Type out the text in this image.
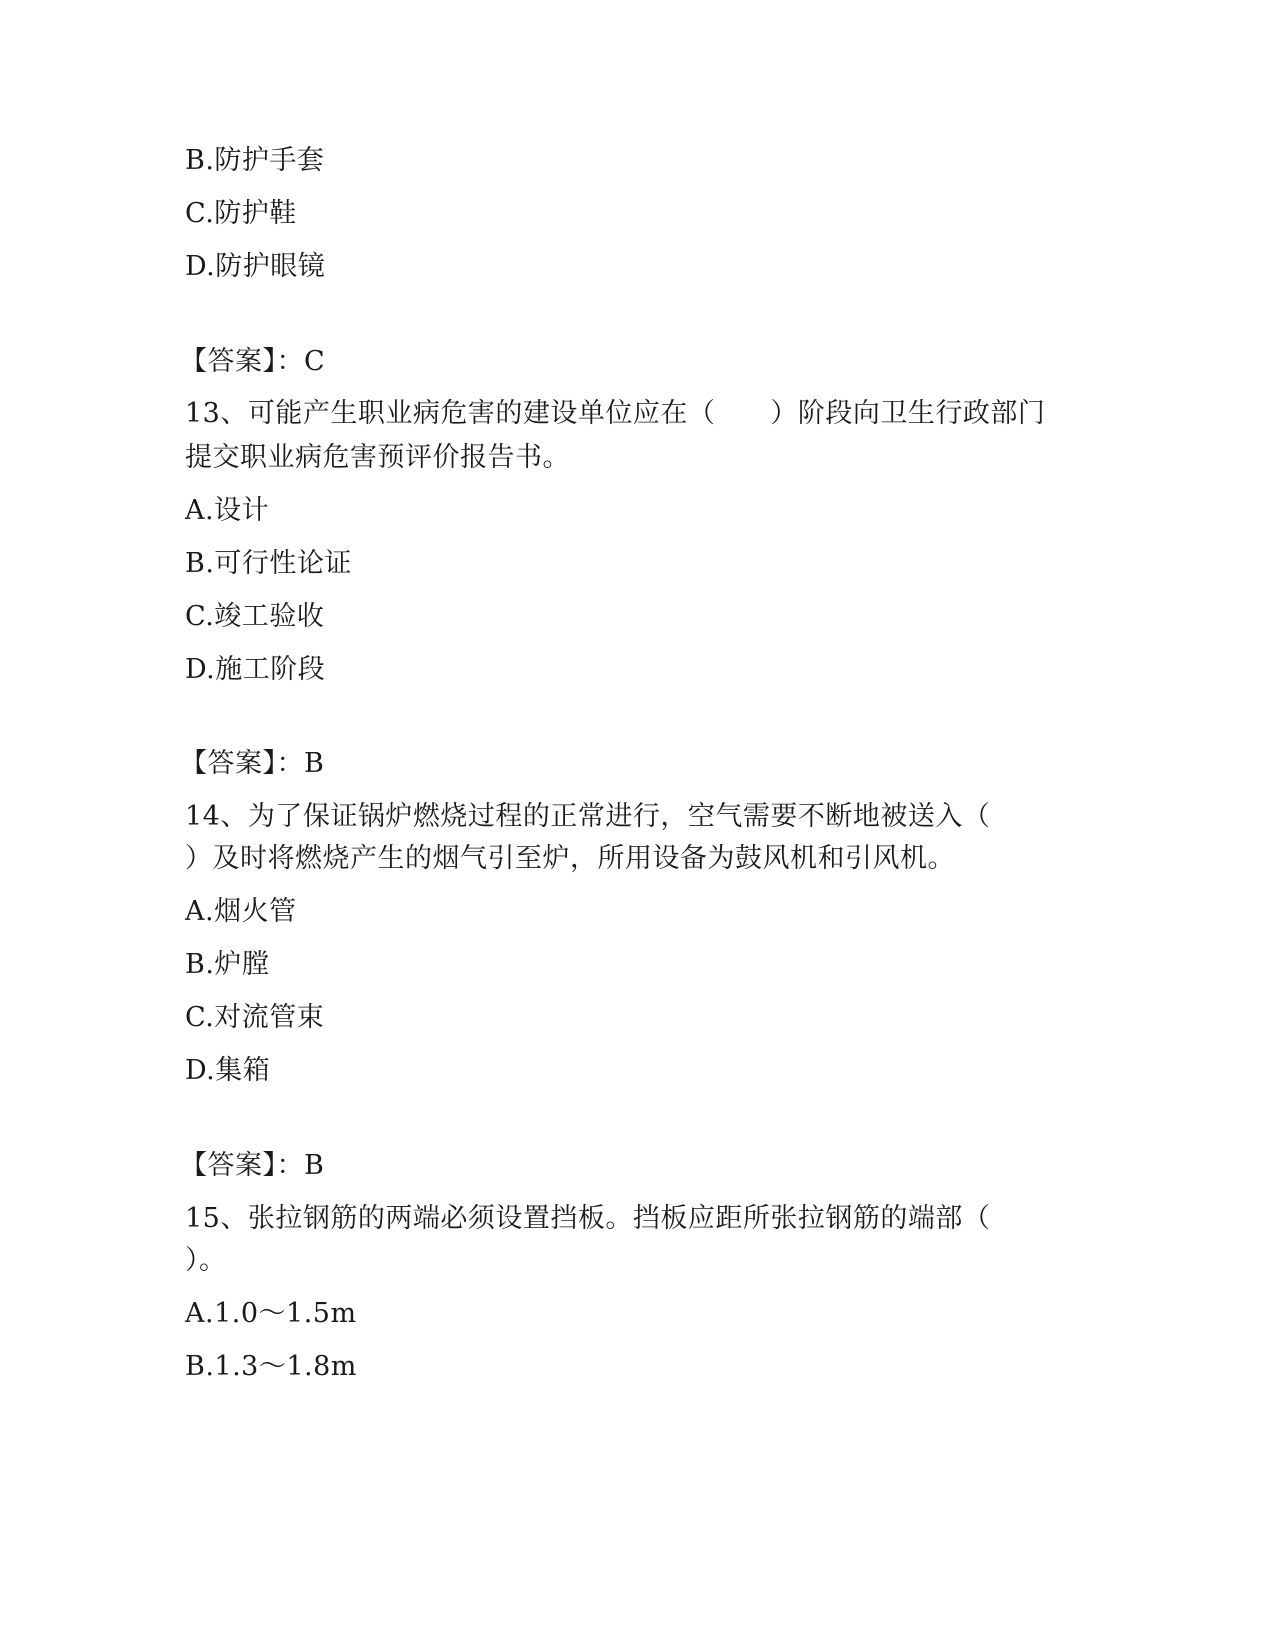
B.防护手套
C.防护鞋
D.防护眼镜
【答案】：C
13、可能产生职业病危害的建设单位应在（　　）阶段向卫生行政部门
提交职业病危害预评价报告书。
A.设计
B.可行性论证
C.竣工验收
D.施工阶段
【答案】：B
14、为了保证锅炉燃烧过程的正常进行，空气需要不断地被送入（
）及时将燃烧产生的烟气引至炉，所用设备为鼓风机和引风机。
A.烟火管
B.炉膛
C.对流管束
D.集箱
【答案】：B
15、张拉钢筋的两端必须设置挡板。挡板应距所张拉钢筋的端部（
）。
A.1.0～1.5m
B.1.3～1.8m
